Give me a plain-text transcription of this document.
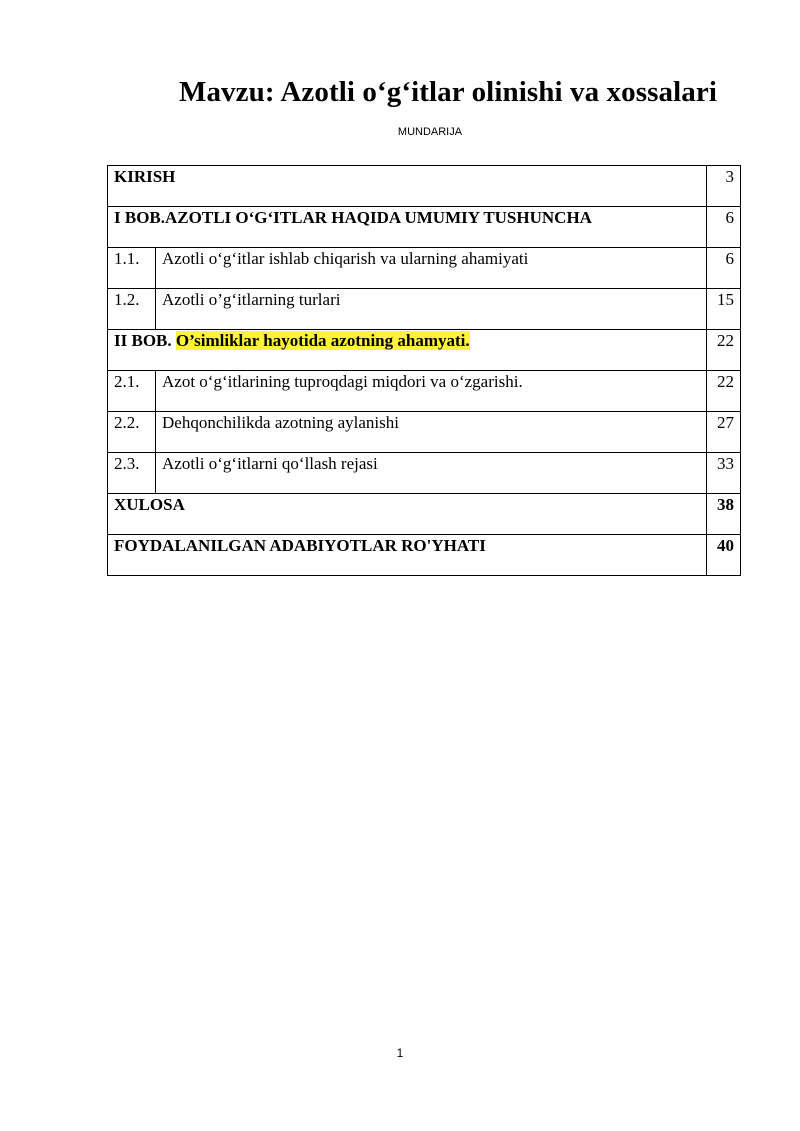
Mavzu: Azotli o‘g‘itlar olinishi va xossalari
MUNDARIJA
KIRISH		3
I BOB.AZOTLI O‘G‘ITLAR HAQIDA UMUMIY TUSHUNCHA		6
1.1.	Azotli o‘g‘itlar ishlab chiqarish va ularning ahamiyati	6
1.2.	Azotli o’g‘itlarning turlari	15
II BOB. O’simliklar hayotida azotning ahamyati.		22
2.1.	Azot o‘g‘itlarining tuproqdagi miqdori va o‘zgarishi.	22
2.2.	Dehqonchilikda azotning aylanishi	27
2.3.	Azotli o‘g‘itlarni qo‘llash rejasi	33
XULOSA		38
FOYDALANILGAN ADABIYOTLAR RO'YHATI		40
1
